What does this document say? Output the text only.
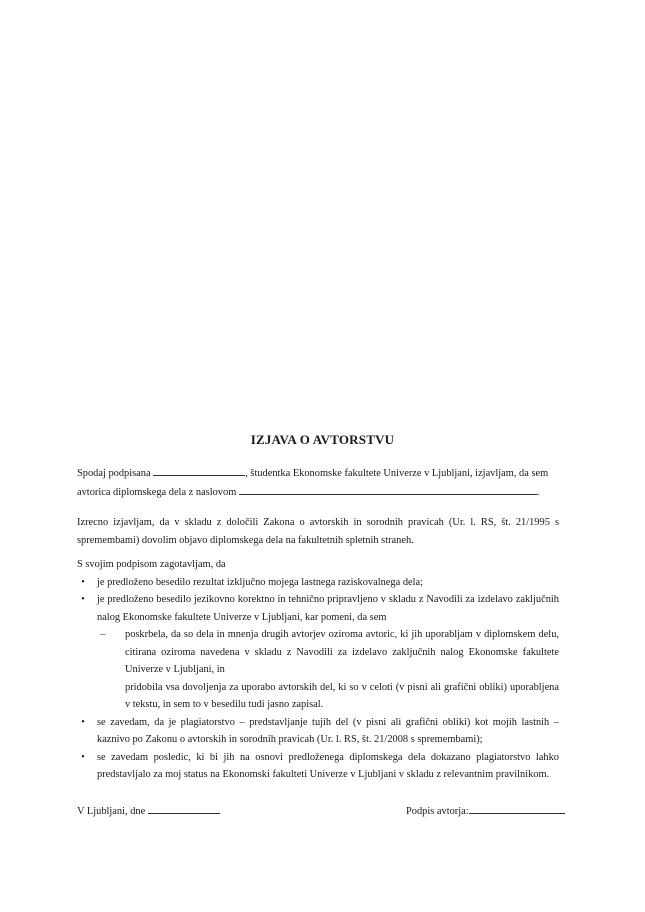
IZJAVA O AVTORSTVU
Spodaj podpisana	, študentka Ekonomske fakultete Univerze v Ljubljani, izjavljam, da sem
avtorica diplomskega dela z naslovom	.
Izrecno izjavljam, da v skladu z določili Zakona o avtorskih in sorodnih pravicah (Ur. l. RS, št. 21/1995 s spremembami) dovolim objavo diplomskega dela na fakultetnih spletnih straneh.
S svojim podpisom zagotavljam, da
•	je predloženo besedilo rezultat izključno mojega lastnega raziskovalnega dela;
•	je predloženo besedilo jezikovno korektno in tehnično pripravljeno v skladu z Navodili za izdelavo zaključnih nalog Ekonomske fakultete Univerze v Ljubljani, kar pomeni, da sem
–	poskrbela, da so dela in mnenja drugih avtorjev oziroma avtoric, ki jih uporabljam v diplomskem delu, citirana oziroma navedena v skladu z Navodili za izdelavo zaključnih nalog Ekonomske fakultete Univerze v Ljubljani, in
pridobila vsa dovoljenja za uporabo avtorskih del, ki so v celoti (v pisni ali grafični obliki) uporabljena v tekstu, in sem to v besedilu tudi jasno zapisal.
•	se zavedam, da je plagiatorstvo – predstavljanje tujih del (v pisni ali grafični obliki) kot mojih lastnih – kaznivo po Zakonu o avtorskih in sorodnih pravicah (Ur. l. RS, št. 21/2008 s spremembami);
•	se zavedam posledic, ki bi jih na osnovi predloženega diplomskega dela dokazano plagiatorstvo lahko predstavljalo za moj status na Ekonomski fakulteti Univerze v Ljubljani v skladu z relevantnim pravilnikom.
V Ljubljani, dne	Podpis avtorja:
